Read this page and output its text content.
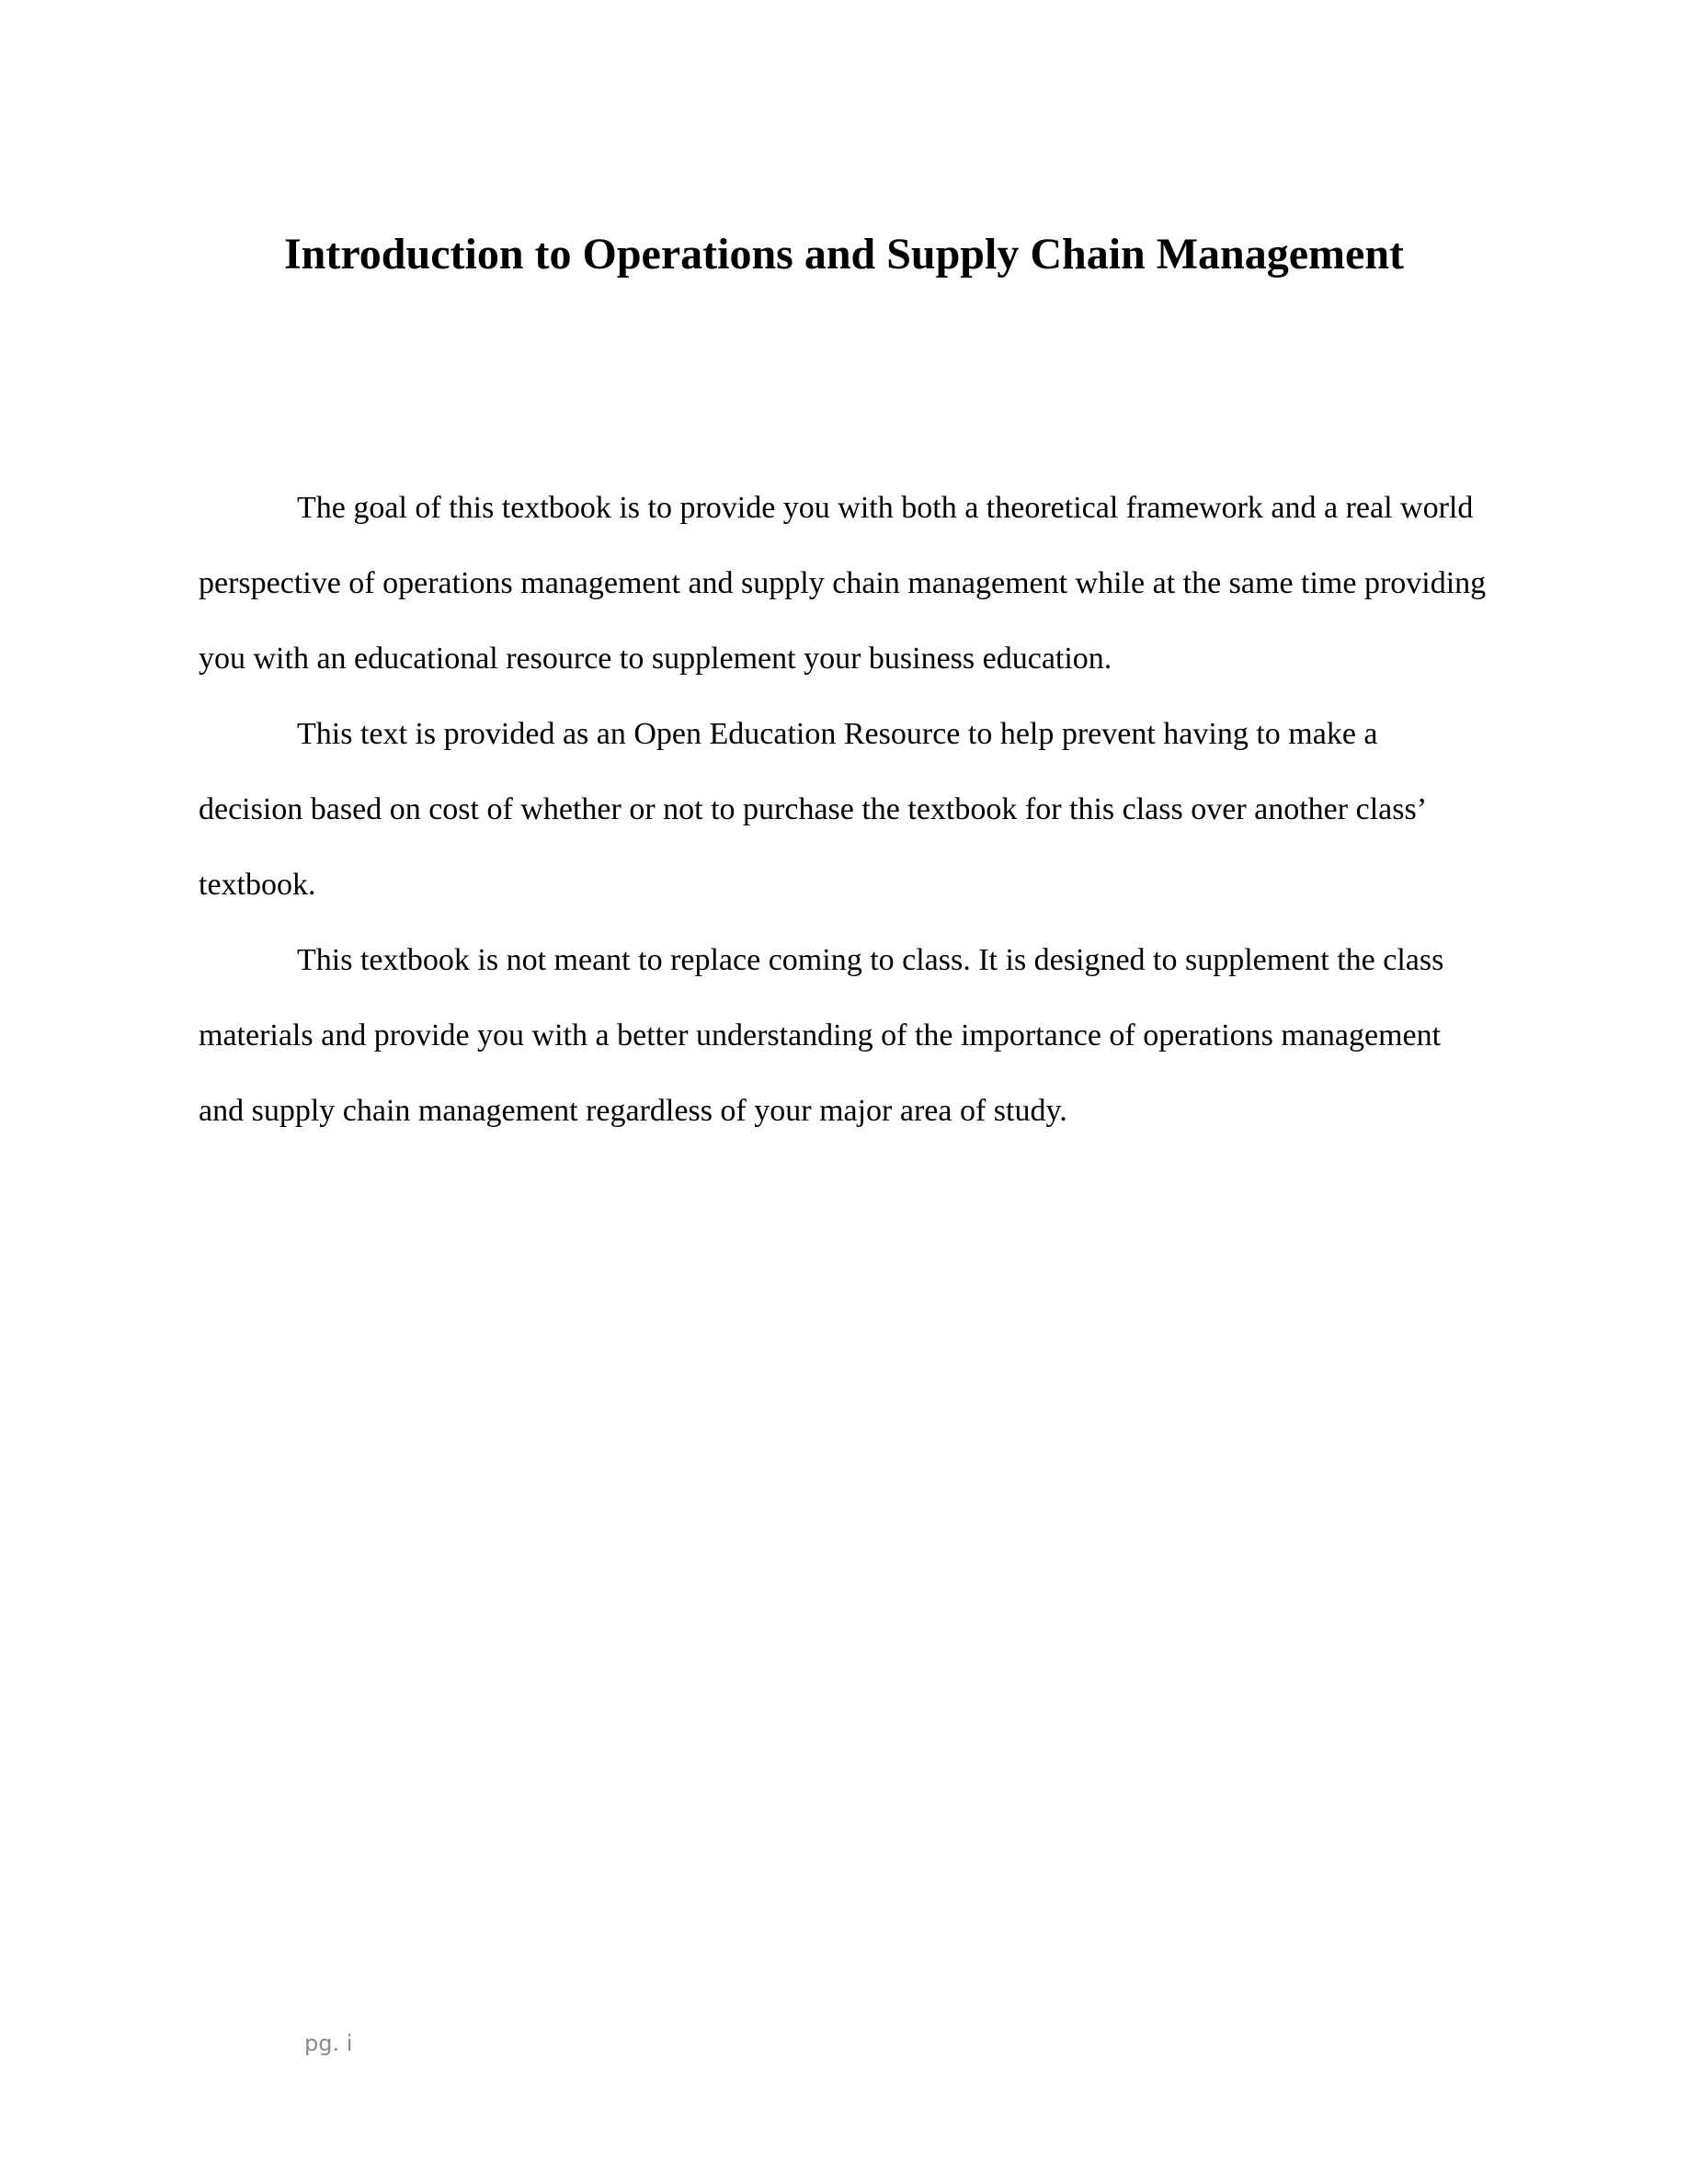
Introduction to Operations and Supply Chain Management

The goal of this textbook is to provide you with both a theoretical framework and a real world perspective of operations management and supply chain management while at the same time providing you with an educational resource to supplement your business education.

This text is provided as an Open Education Resource to help prevent having to make a decision based on cost of whether or not to purchase the textbook for this class over another class’ textbook.

This textbook is not meant to replace coming to class. It is designed to supplement the class materials and provide you with a better understanding of the importance of operations management and supply chain management regardless of your major area of study.

pg. i
